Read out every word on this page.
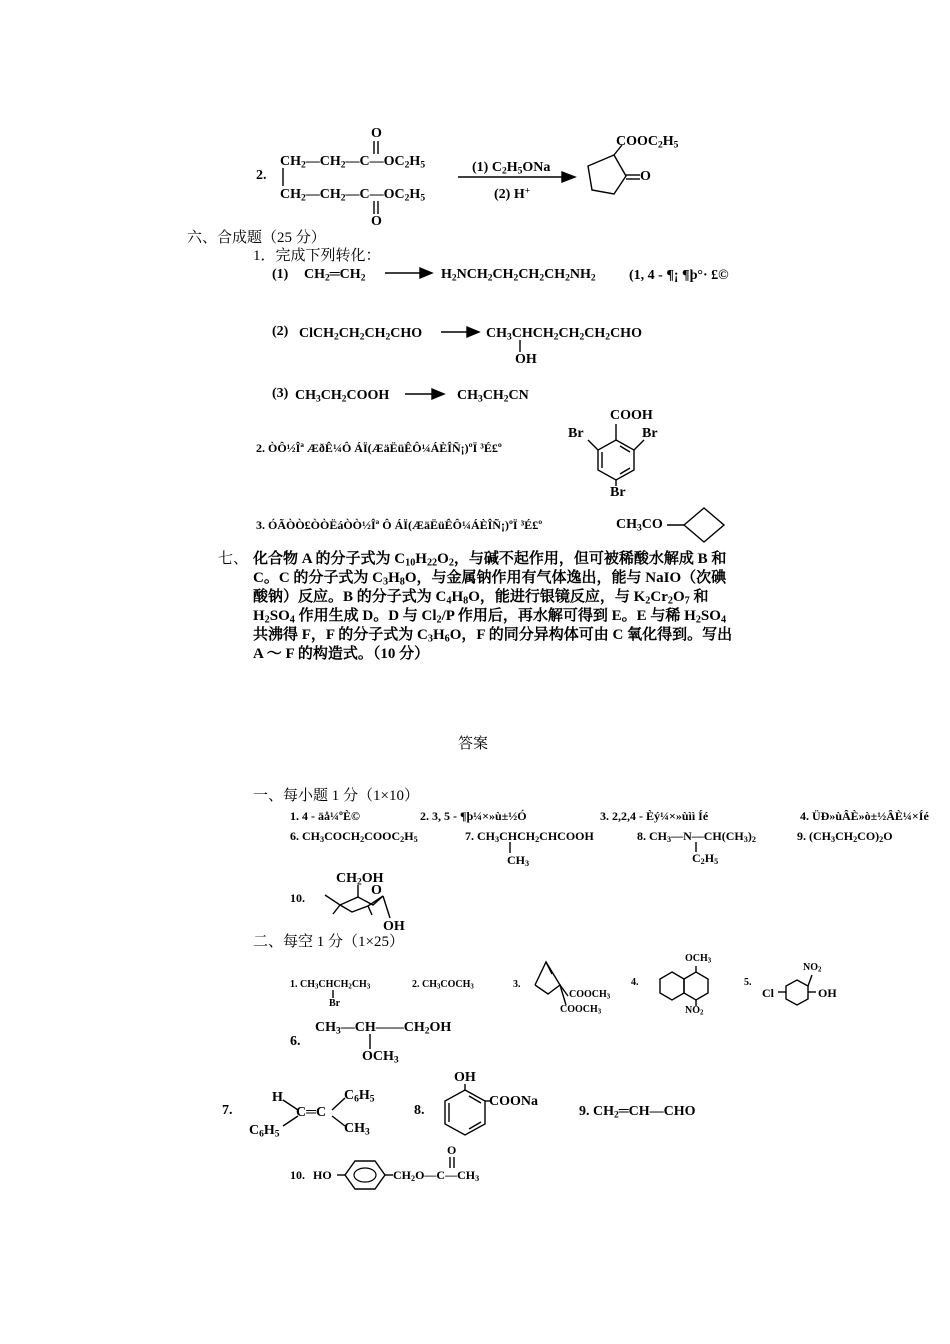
2.
O
$CH_2—CH_2—C—OC_2H_5$
$CH_2—CH_2—C—OC_2H_5$
O
(1) $C_2H_5ONa$
(2) H+
$COOC_2H_5$
O
六、合成题（25 分）
1．完成下列转化：
(1) $CH_2═CH_2$	$H_2NCH_2CH_2CH_2CH_2NH_2$ (1, 4 - ¶¡ ¶þ°· £©
(2) $ClCH_2CH_2CH_2CHO$	$CH_3CHCH_2CH_2CH_2CHO$
OH
(3) $CH_3CH_2COOH$	$CH_3CH_2CN$
2. ÒÔ½Îª ÆðÊ¼Ô ÁÏ(ÆäËüÊÔ¼ÁÈÎÑ¡)ºÏ ³É£º
COOH
Br	Br
Br
3. ÓÃÒÒ£ÒÒËáÒÒ½Îª Ô ÁÏ(ÆäËüÊÔ¼ÁÈÎÑ¡)ºÏ ³É£º	$CH_3CO$
七、 化合物 A 的分子式为 $C_{10}H_{22}O_2$，与碱不起作用，但可被稀酸水解成 B 和 C。C 的分子式为 $C_3H_8O$，与金属钠作用有气体逸出，能与 NaIO（次碘酸钠）反应。B 的分子式为 $C_4H_8O$，能进行银镜反应，与 $K_2Cr_2O_7$ 和 $H_2SO_4$ 作用生成 D。D 与 $Cl_2/P$ 作用后，再水解可得到 E。E 与稀 $H_2SO_4$ 共沸得 F，F 的分子式为 $C_3H_6O$，F 的同分异构体可由 C 氧化得到。写出 A ～ F 的构造式。（10 分）
答案
一、每小题 1 分（1×10）
1. 4 - äå¼ºÈ©	2. 3, 5 - ¶þ¼×»ù±½Ó	3. 2,2,4 - Èý¼×»ùìì Íé	4. ÜÐ»ùÂÈ»ò±½ÂÈ¼×Íé
6. $CH_3COCH_2COOC_2H_5$	7. $CH_3CHCH_2CHCOOH$
$CH_3$
8. $CH_3—N—CH(CH_3)_2$
$C_2H_5$
9. $(CH_3CH_2CO)_2O$
10.
$CH_2OH$
O
OH
二、每空 1 分（1×25）
1. $CH_3CHCH_2CH_3$
Br
2. $CH_3COCH_3$	3.
$COOCH_3$
$COOCH_3$
4.
$OCH_3$
$NO_2$
5.
$NO_2$
Cl	OH
6.
$CH_3—CH——CH_2OH$
$OCH_3$
7.
H	$C_6H_5$
C═C
$C_6H_5$	$CH_3$
8.
OH
COONa
9. $CH_2═CH—CHO$
10. HO
O
$CH_2O—C—CH_3$
